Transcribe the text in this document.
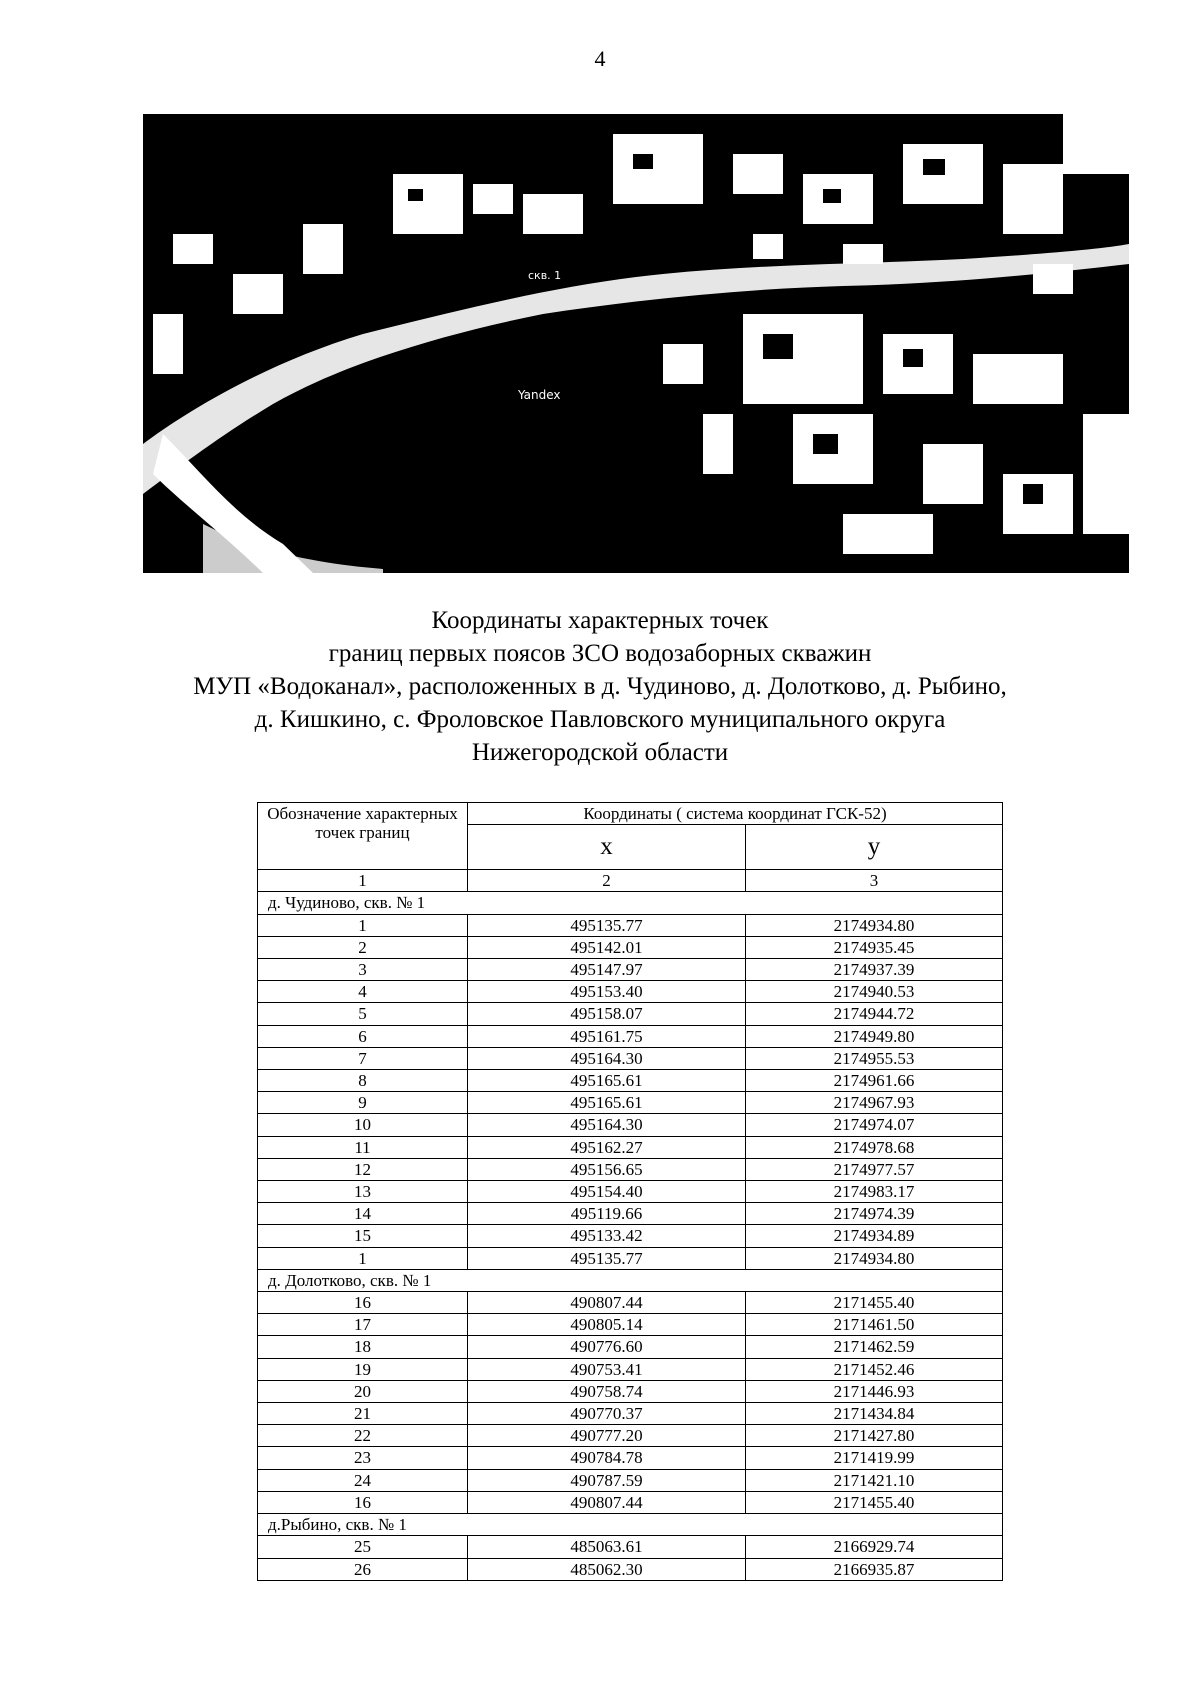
4
скв. 1
Yandex
Координаты характерных точек
границ первых поясов ЗСО водозаборных скважин
МУП «Водоканал», расположенных в д. Чудиново, д. Долотково, д. Рыбино,
д. Кишкино, с. Фроловское Павловского муниципального округа
Нижегородской области
Обозначение характерных точек границ	Координаты ( система координат ГСК-52)	
	x	y
1	2	3
д. Чудиново, скв. № 1		
1	495135.77	2174934.80
2	495142.01	2174935.45
3	495147.97	2174937.39
4	495153.40	2174940.53
5	495158.07	2174944.72
6	495161.75	2174949.80
7	495164.30	2174955.53
8	495165.61	2174961.66
9	495165.61	2174967.93
10	495164.30	2174974.07
11	495162.27	2174978.68
12	495156.65	2174977.57
13	495154.40	2174983.17
14	495119.66	2174974.39
15	495133.42	2174934.89
1	495135.77	2174934.80
д. Долотково, скв. № 1		
16	490807.44	2171455.40
17	490805.14	2171461.50
18	490776.60	2171462.59
19	490753.41	2171452.46
20	490758.74	2171446.93
21	490770.37	2171434.84
22	490777.20	2171427.80
23	490784.78	2171419.99
24	490787.59	2171421.10
16	490807.44	2171455.40
д.Рыбино, скв. № 1		
25	485063.61	2166929.74
26	485062.30	2166935.87
